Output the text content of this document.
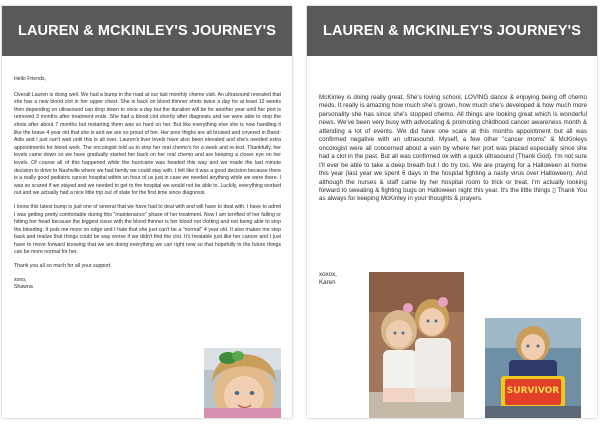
LAUREN & MCKINLEY'S JOURNEY'S

Hello Friends,

Overall Lauren is doing well. We had a bump in the road at our last monthly chemo visit. An ultrasound revealed that she has a new blood clot in her upper chest. She is back on blood thinner shots twice a day for at least 12 weeks then depending on ultrasound can drop down to once a day but the duration will be for another year until her port is removed 3 months after treatment ends. She had a blood clot shortly after diagnosis and we were able to stop the shots after about 7 months but restarting them was so hard on her. But like everything else she is now handling it like the brave 4 year old that she is and we are so proud of her. Her poor thighs are all bruised and covered in Band-Aids and I just can't wait until this is all over. Lauren's liver levels have also been elevated and she's needed extra appointments for blood work. The oncologist told us to stop her oral chemo's for a week and re-test. Thankfully, her levels came down so we have gradually started her back on her oral chemo and are keeping a closer eye on her levels. Of course all of this happened while the hurricane was headed this way and we made the last minute decision to drive to Nashville where we had family we could stay with. I felt like it was a good decision because there is a really good pediatric cancer hospital within an hour of us just in case we needed anything while we were there. I was so scared if we stayed and we needed to get to the hospital we would not be able to. Luckily, everything worked out and we actually had a nice little trip out of state for the first time since diagnosis.

I know this latest bump is just one of several that we have had to deal with and will have to deal with. I have to admit I was getting pretty comfortable during this "maintenance" phase of her treatment. Now I am terrified of her falling or hitting her head because the biggest issue with the blood thinner is her blood not clotting and not being able to stop the bleeding. It puts me more on edge and I hate that she just can't be a "normal" 4 year old. It also makes me step back and realize that things could be way worse if we didn't find the clot. It's treatable just like her cancer and I just have to move forward knowing that we are doing everything we can right now so that hopefully in the future things can be more normal for her.

Thank you all so much for all your support.

xoxo,

Shawna

LAUREN & MCKINLEY'S JOURNEY'S

McKinley is doing really great. She's loving school, LOVING dance & enjoying being off chemo meds. It really is amazing how much she's grown, how much she's developed & how much more personality she has since she's stopped chemo. All things are looking great which is wonderful news. We've been very busy with advocating & promoting childhood cancer awareness month & attending a lot of events. We did have one scare at this months appointment but all was confirmed negative with an ultrasound. Myself, a few other "cancer moms" & McKinleys oncologist were all concerned about a vein by where her port was placed especially since she had a clot in the past. But all was confirmed ok with a quick ultrasound (Thank God). I'm not sure I'll ever be able to take a deep breath but I do try too. We are praying for a Halloween at home this year (last year we spent 6 days in the hospital fighting a nasty virus over Halloween). And although the nurses & staff came by her hospital room to trick or treat, I'm actually looking forward to sweating & fighting bugs on Halloween night this year. It's the little things ▯ Thank You as always for keeping McKinley in your thoughts & prayers.

xoxox,
Karen
SURVIVOR
